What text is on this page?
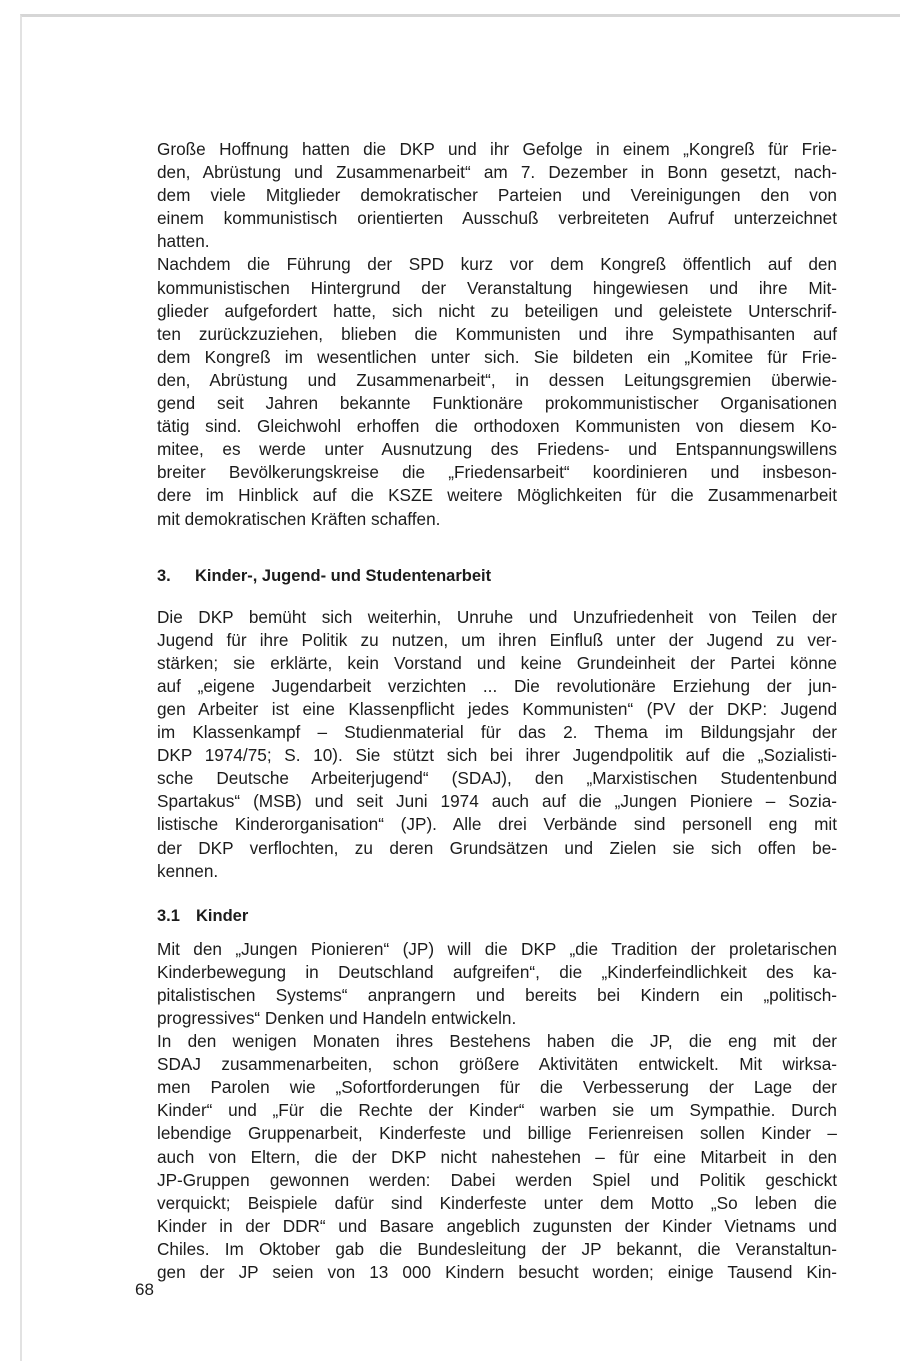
Große Hoffnung hatten die DKP und ihr Gefolge in einem „Kongreß für Frie-
den, Abrüstung und Zusammenarbeit“ am 7. Dezember in Bonn gesetzt, nach-
dem viele Mitglieder demokratischer Parteien und Vereinigungen den von
einem kommunistisch orientierten Ausschuß verbreiteten Aufruf unterzeichnet
hatten.
Nachdem die Führung der SPD kurz vor dem Kongreß öffentlich auf den
kommunistischen Hintergrund der Veranstaltung hingewiesen und ihre Mit-
glieder aufgefordert hatte, sich nicht zu beteiligen und geleistete Unterschrif-
ten zurückzuziehen, blieben die Kommunisten und ihre Sympathisanten auf
dem Kongreß im wesentlichen unter sich. Sie bildeten ein „Komitee für Frie-
den, Abrüstung und Zusammenarbeit“, in dessen Leitungsgremien überwie-
gend seit Jahren bekannte Funktionäre prokommunistischer Organisationen
tätig sind. Gleichwohl erhoffen die orthodoxen Kommunisten von diesem Ko-
mitee, es werde unter Ausnutzung des Friedens- und Entspannungswillens
breiter Bevölkerungskreise die „Friedensarbeit“ koordinieren und insbeson-
dere im Hinblick auf die KSZE weitere Möglichkeiten für die Zusammenarbeit
mit demokratischen Kräften schaffen.
3. Kinder-, Jugend- und Studentenarbeit
Die DKP bemüht sich weiterhin, Unruhe und Unzufriedenheit von Teilen der
Jugend für ihre Politik zu nutzen, um ihren Einfluß unter der Jugend zu ver-
stärken; sie erklärte, kein Vorstand und keine Grundeinheit der Partei könne
auf „eigene Jugendarbeit verzichten ... Die revolutionäre Erziehung der jun-
gen Arbeiter ist eine Klassenpflicht jedes Kommunisten“ (PV der DKP: Jugend
im Klassenkampf – Studienmaterial für das 2. Thema im Bildungsjahr der
DKP 1974/75; S. 10). Sie stützt sich bei ihrer Jugendpolitik auf die „Sozialisti-
sche Deutsche Arbeiterjugend“ (SDAJ), den „Marxistischen Studentenbund
Spartakus“ (MSB) und seit Juni 1974 auch auf die „Jungen Pioniere – Sozia-
listische Kinderorganisation“ (JP). Alle drei Verbände sind personell eng mit
der DKP verflochten, zu deren Grundsätzen und Zielen sie sich offen be-
kennen.
3.1 Kinder
Mit den „Jungen Pionieren“ (JP) will die DKP „die Tradition der proletarischen
Kinderbewegung in Deutschland aufgreifen“, die „Kinderfeindlichkeit des ka-
pitalistischen Systems“ anprangern und bereits bei Kindern ein „politisch-
progressives“ Denken und Handeln entwickeln.
In den wenigen Monaten ihres Bestehens haben die JP, die eng mit der
SDAJ zusammenarbeiten, schon größere Aktivitäten entwickelt. Mit wirksa-
men Parolen wie „Sofortforderungen für die Verbesserung der Lage der
Kinder“ und „Für die Rechte der Kinder“ warben sie um Sympathie. Durch
lebendige Gruppenarbeit, Kinderfeste und billige Ferienreisen sollen Kinder –
auch von Eltern, die der DKP nicht nahestehen – für eine Mitarbeit in den
JP-Gruppen gewonnen werden: Dabei werden Spiel und Politik geschickt
verquickt; Beispiele dafür sind Kinderfeste unter dem Motto „So leben die
Kinder in der DDR“ und Basare angeblich zugunsten der Kinder Vietnams und
Chiles. Im Oktober gab die Bundesleitung der JP bekannt, die Veranstaltun-
gen der JP seien von 13 000 Kindern besucht worden; einige Tausend Kin-
68
